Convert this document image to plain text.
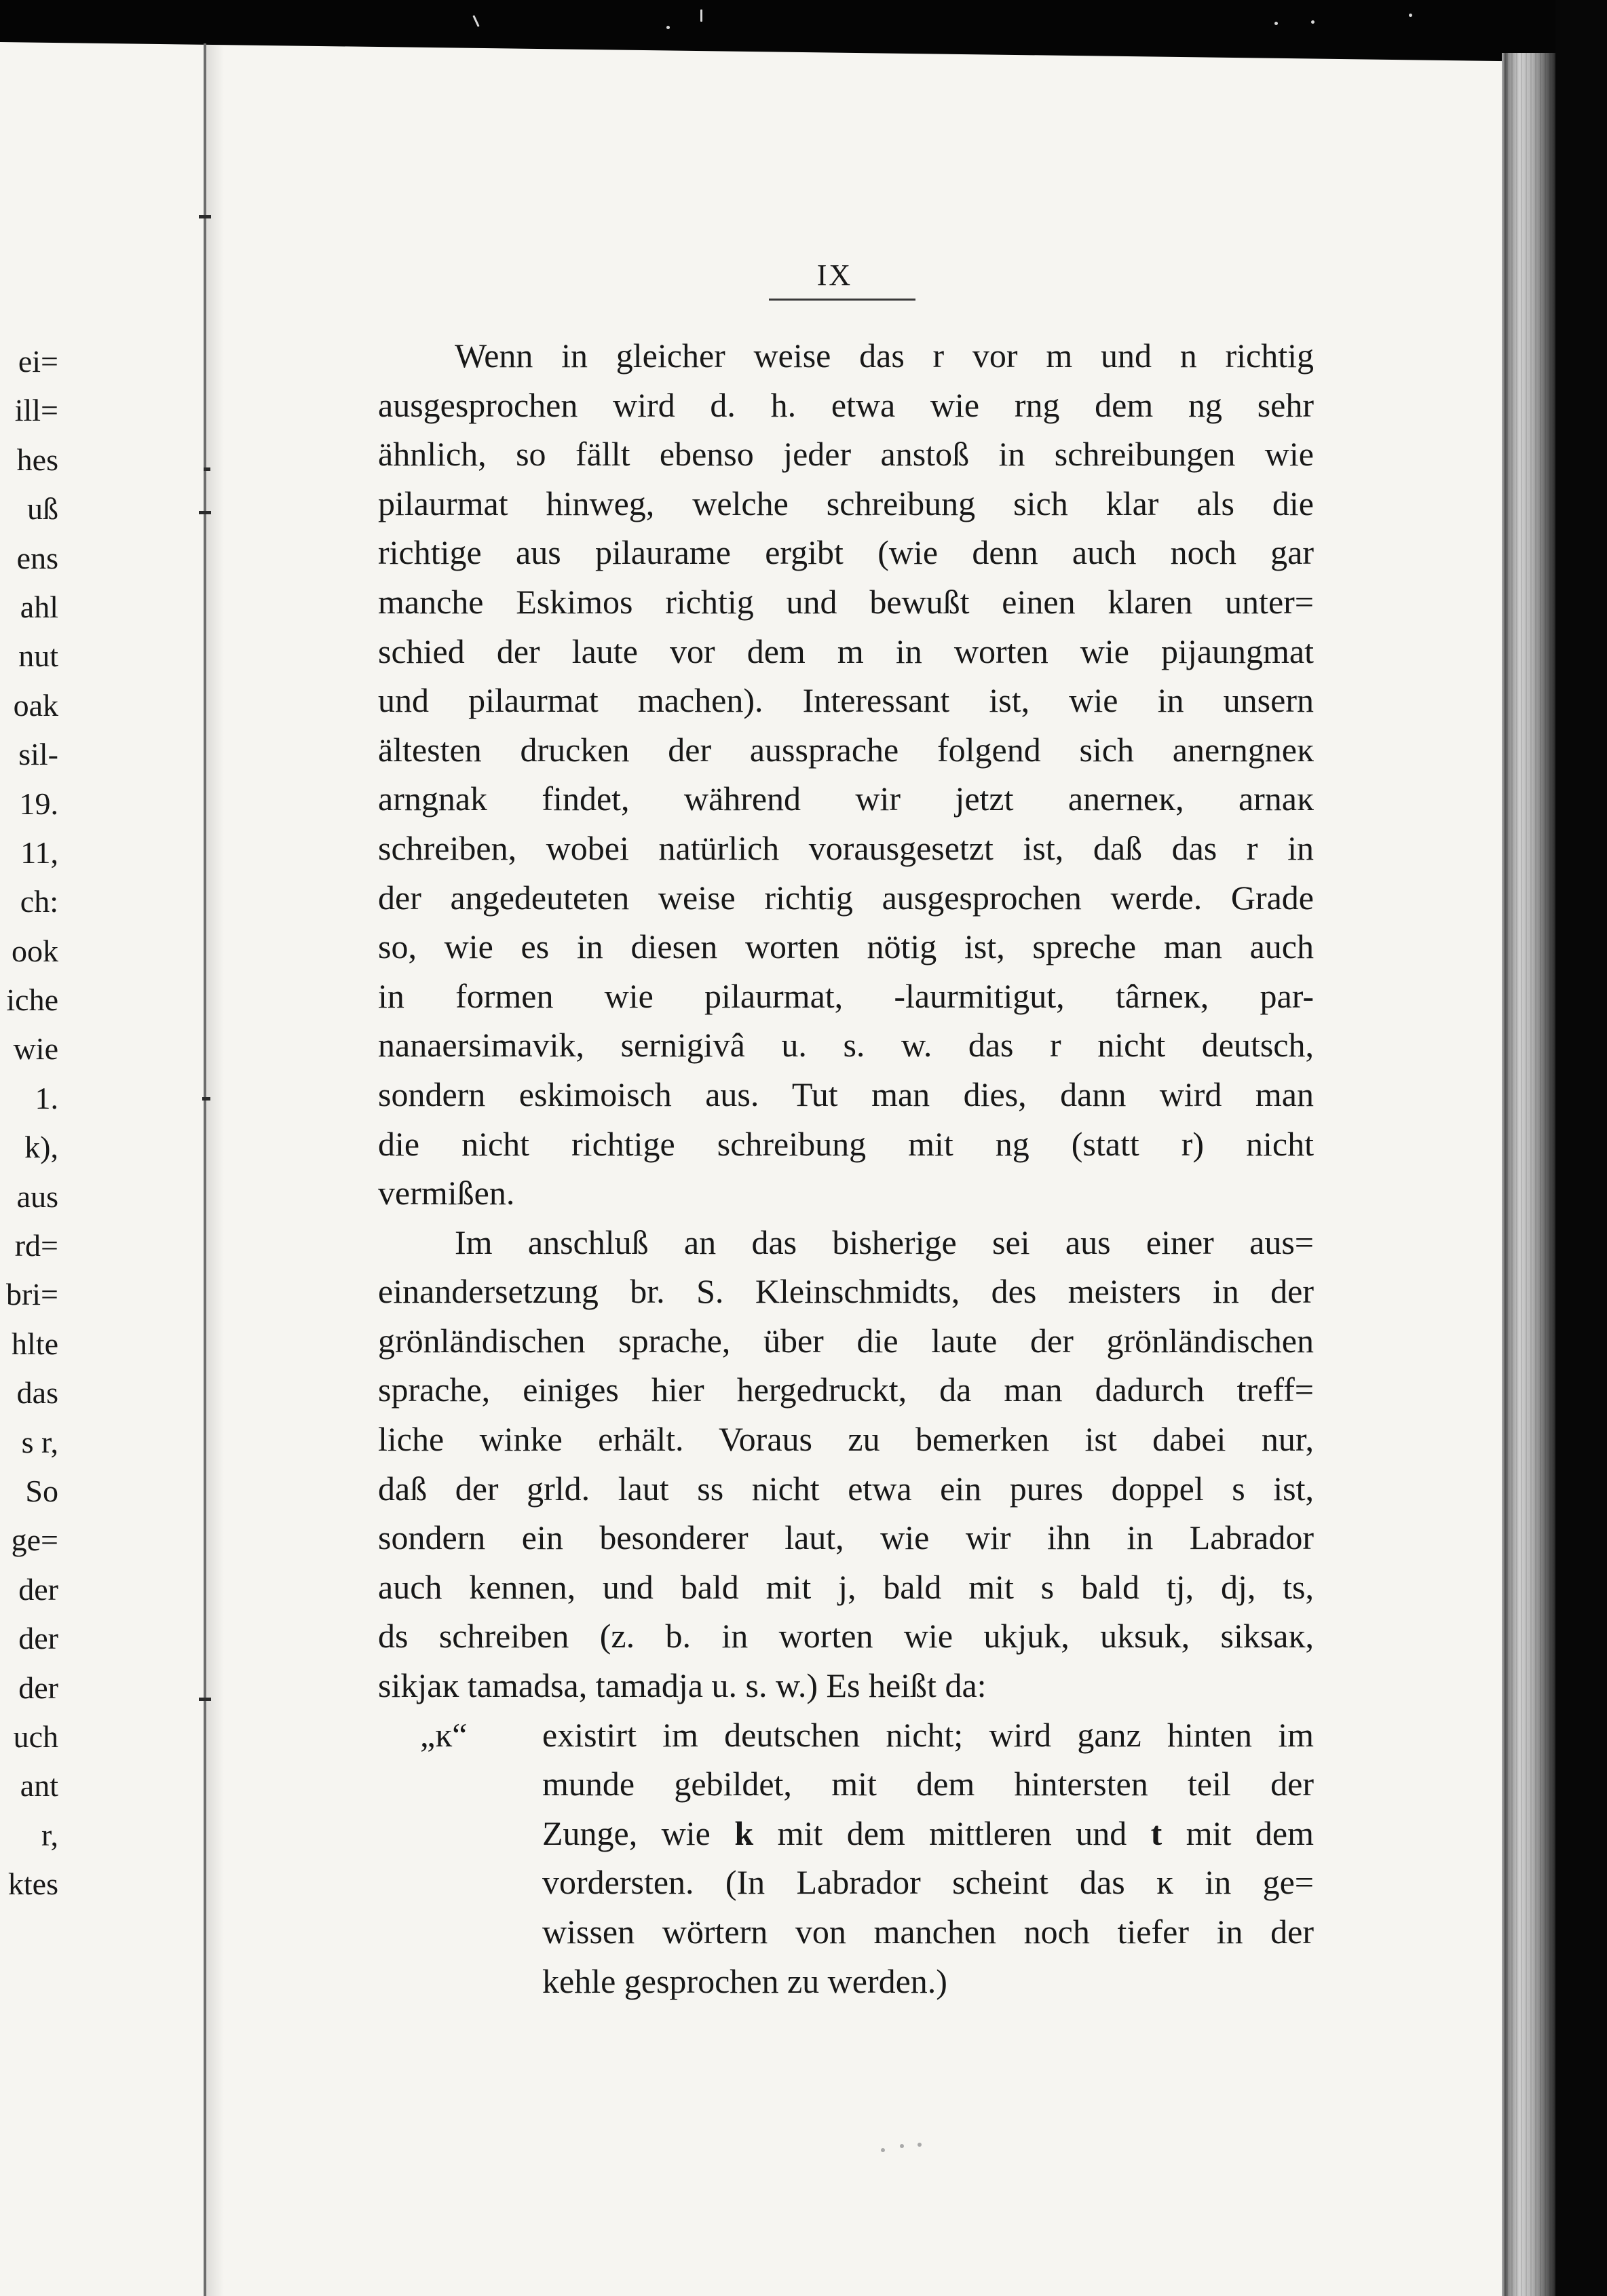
ei=
ill=
hes
uß
ens
ahl
nut
oak
sil-
19.
11,
ch:
ook
iche
wie
1.
k),
aus
rd=
bri=
hlte
das
s r,
So
ge=
der
der
der
uch
ant
r,
ktes
IX
Wenn in gleicher weise das r vor m und n richtig
ausgesprochen wird d. h. etwa wie rng dem ng sehr
ähnlich, so fällt ebenso jeder anstoß in schreibungen wie
pilaurmat hinweg, welche schreibung sich klar als die
richtige aus pilaurame ergibt (wie denn auch noch gar
manche Eskimos richtig und bewußt einen klaren unter=
schied der laute vor dem m in worten wie pijaungmat
und pilaurmat machen). Interessant ist, wie in unsern
ältesten drucken der aussprache folgend sich anerngneĸ
arngnak findet, während wir jetzt anerneĸ, arnaĸ
schreiben, wobei natürlich vorausgesetzt ist, daß das r in
der angedeuteten weise richtig ausgesprochen werde. Grade
so, wie es in diesen worten nötig ist, spreche man auch
in formen wie pilaurmat, -laurmitigut, târneĸ, par-
nanaersimavik, sernigivâ u. s. w. das r nicht deutsch,
sondern eskimoisch aus. Tut man dies, dann wird man
die nicht richtige schreibung mit ng (statt r) nicht
vermißen.
Im anschluß an das bisherige sei aus einer aus=
einandersetzung br. S. Kleinschmidts, des meisters in der
grönländischen sprache, über die laute der grönländischen
sprache, einiges hier hergedruckt, da man dadurch treff=
liche winke erhält. Voraus zu bemerken ist dabei nur,
daß der grld. laut ss nicht etwa ein pures doppel s ist,
sondern ein besonderer laut, wie wir ihn in Labrador
auch kennen, und bald mit j, bald mit s bald tj, dj, ts,
ds schreiben (z. b. in worten wie ukjuk, uksuk, siksaĸ,
sikjaĸ tamadsa, tamadja u. s. w.) Es heißt da:
„ĸ“ existirt im deutschen nicht; wird ganz hinten im
munde gebildet, mit dem hintersten teil der
Zunge, wie k mit dem mittleren und t mit dem
vordersten. (In Labrador scheint das ĸ in ge=
wissen wörtern von manchen noch tiefer in der
kehle gesprochen zu werden.)
